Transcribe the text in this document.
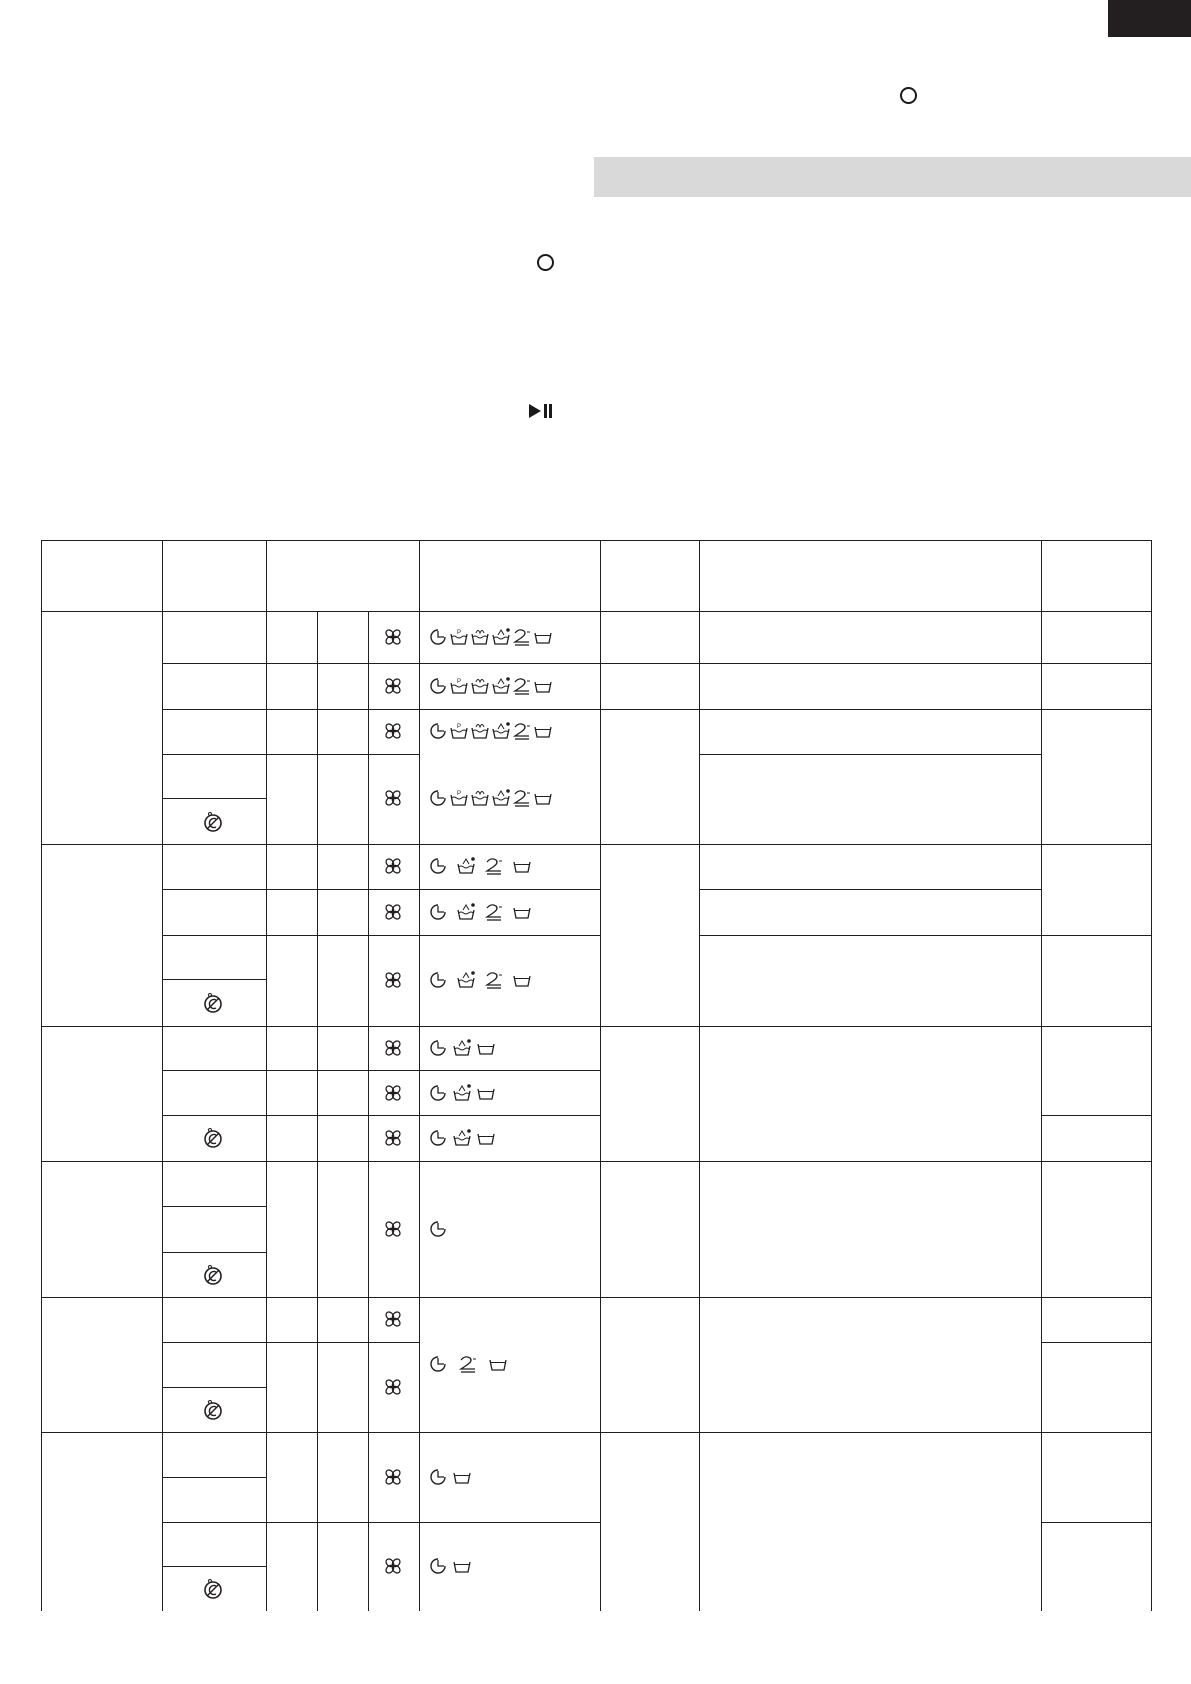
P
P
P
P
